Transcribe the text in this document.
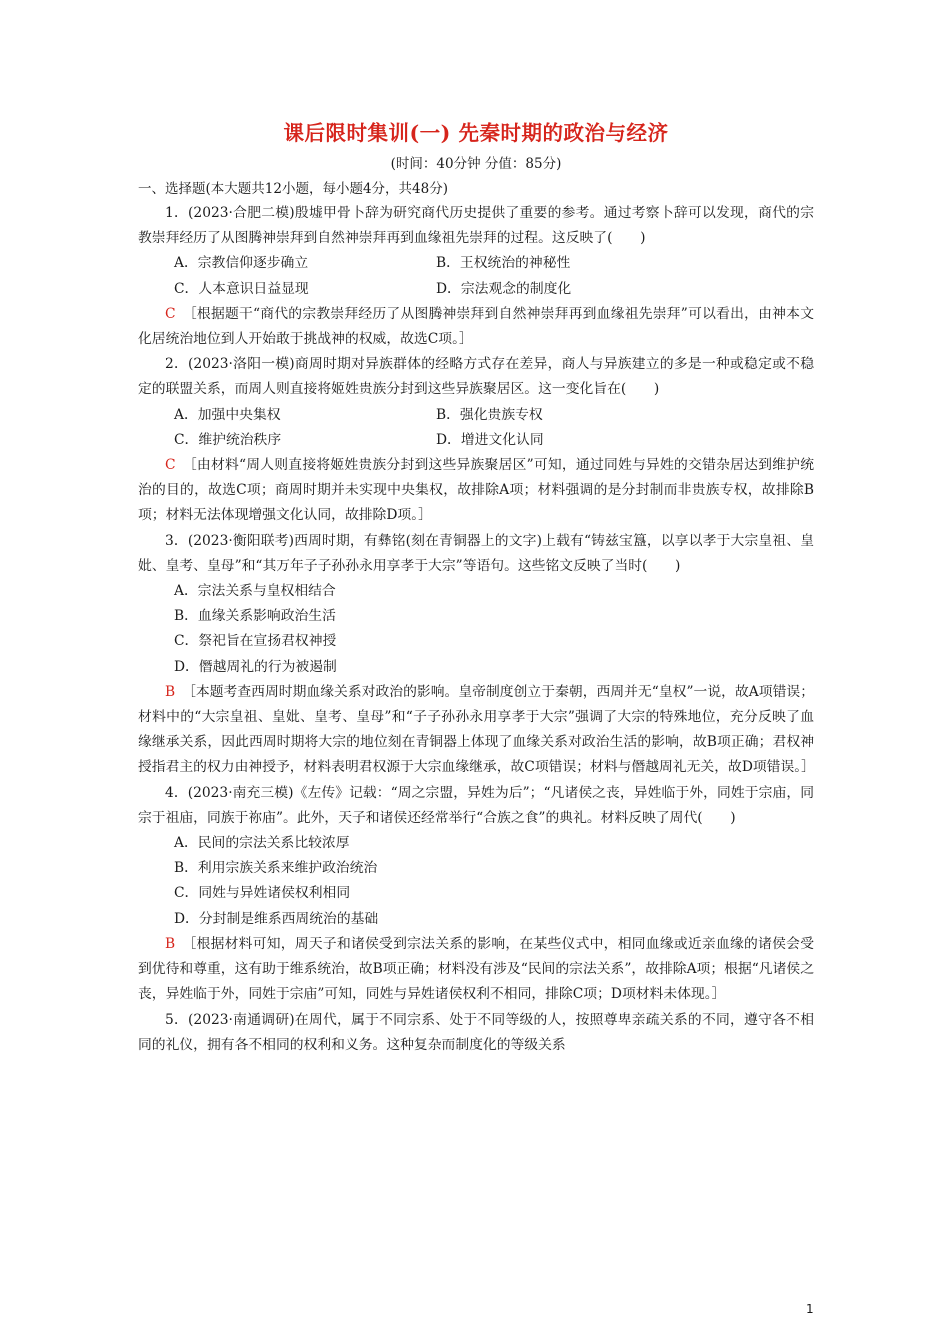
课后限时集训(一) 先秦时期的政治与经济
(时间：40分钟 分值：85分)
一、选择题(本大题共12小题，每小题4分，共48分)

1．(2023·合肥二模)殷墟甲骨卜辞为研究商代历史提供了重要的参考。通过考察卜辞可以发现，商代的宗教崇拜经历了从图腾神崇拜到自然神崇拜再到血缘祖先崇拜的过程。这反映了(　　)

A．宗教信仰逐步确立	B．王权统治的神秘性
C．人本意识日益显现	D．宗法观念的制度化

C　 ［根据题干“商代的宗教崇拜经历了从图腾神崇拜到自然神崇拜再到血缘祖先崇拜”可以看出，由神本文化居统治地位到人开始敢于挑战神的权威，故选C项。］

2．(2023·洛阳一模)商周时期对异族群体的经略方式存在差异，商人与异族建立的多是一种或稳定或不稳定的联盟关系，而周人则直接将姬姓贵族分封到这些异族聚居区。这一变化旨在(　　)

A．加强中央集权	B．强化贵族专权
C．维护统治秩序	D．增进文化认同

C　 ［由材料“周人则直接将姬姓贵族分封到这些异族聚居区”可知，通过同姓与异姓的交错杂居达到维护统治的目的，故选C项；商周时期并未实现中央集权，故排除A项；材料强调的是分封制而非贵族专权，故排除B项；材料无法体现增强文化认同，故排除D项。］

3．(2023·衡阳联考)西周时期，有彝铭(刻在青铜器上的文字)上载有“铸兹宝簋，以享以孝于大宗皇祖、皇妣、皇考、皇母”和“其万年子子孙孙永用享孝于大宗”等语句。这些铭文反映了当时(　　)

A．宗法关系与皇权相结合
B．血缘关系影响政治生活
C．祭祀旨在宣扬君权神授
D．僭越周礼的行为被遏制

B　 ［本题考查西周时期血缘关系对政治的影响。皇帝制度创立于秦朝，西周并无“皇权”一说，故A项错误；材料中的“大宗皇祖、皇妣、皇考、皇母”和“子子孙孙永用享孝于大宗”强调了大宗的特殊地位，充分反映了血缘继承关系，因此西周时期将大宗的地位刻在青铜器上体现了血缘关系对政治生活的影响，故B项正确；君权神授指君主的权力由神授予，材料表明君权源于大宗血缘继承，故C项错误；材料与僭越周礼无关，故D项错误。］

4．(2023·南充三模)《左传》记载：“周之宗盟，异姓为后”；“凡诸侯之丧，异姓临于外，同姓于宗庙，同宗于祖庙，同族于祢庙”。此外，天子和诸侯还经常举行“合族之食”的典礼。材料反映了周代(　　)

A．民间的宗法关系比较浓厚
B．利用宗族关系来维护政治统治
C．同姓与异姓诸侯权利相同
D．分封制是维系西周统治的基础

B　 ［根据材料可知，周天子和诸侯受到宗法关系的影响，在某些仪式中，相同血缘或近亲血缘的诸侯会受到优待和尊重，这有助于维系统治，故B项正确；材料没有涉及“民间的宗法关系”，故排除A项；根据“凡诸侯之丧，异姓临于外，同姓于宗庙”可知，同姓与异姓诸侯权利不相同，排除C项；D项材料未体现。］

5．(2023·南通调研)在周代，属于不同宗系、处于不同等级的人，按照尊卑亲疏关系的不同，遵守各不相同的礼仪，拥有各不相同的权利和义务。这种复杂而制度化的等级关系

1
